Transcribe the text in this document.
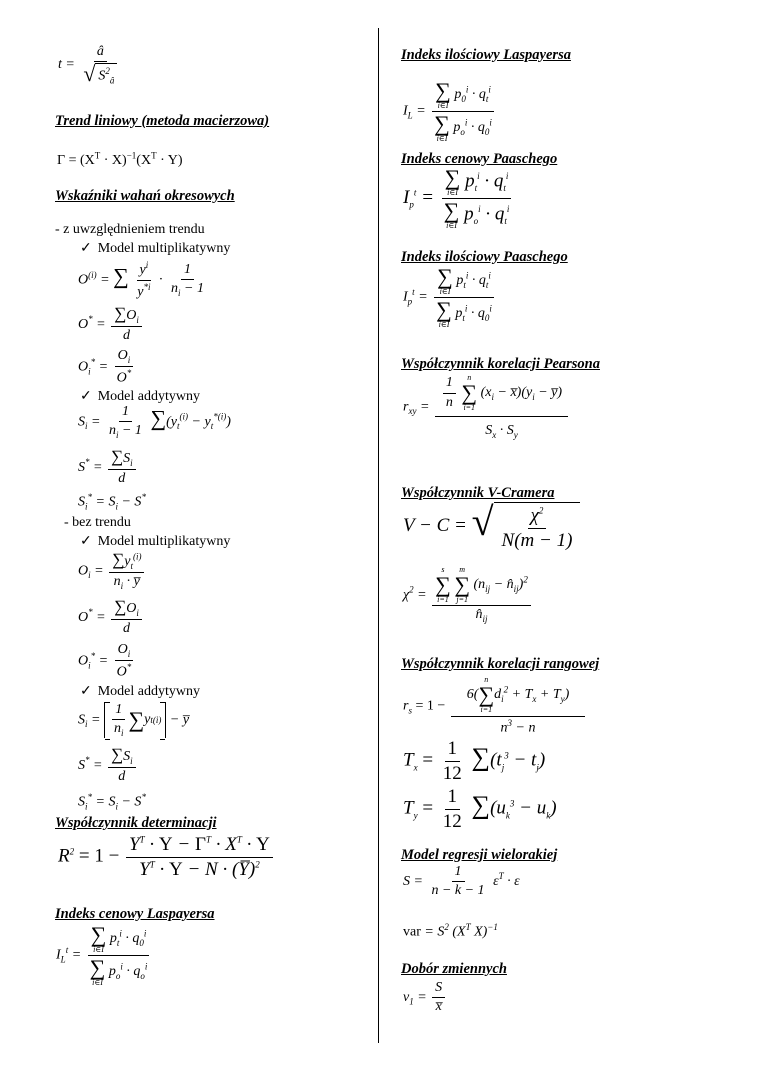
$t = \frac{â}{√ S^2_â}$
Trend liniowy (metoda macierzowa)
$\Gamma = (X^T \cdot X)^{-1}(X^T \cdot Y)$
Wskaźniki wahań okresowych
- z uwzględnieniem trendu
✓ Model multiplikatywny
$O^{(i)}$ = ∑ $\frac{y^i}{y^{*i}} \cdot \frac{1}{n_i - 1}$
$O^* = \frac{\sum O_i}{d}$
$O_i^* = \frac{O_i}{O^*}$
✓ Model addytywny
$S_i = \frac{1}{n_i - 1} \sum(y_t^{(i)} - y_t^{*(i)})$
$S^* = \frac{\sum S_i}{d}$
$S_i^* = S_i - S^*$
- bez trendu
✓ Model multiplikatywny
$O_i = \frac{\sum y_t^{(i)}}{n_i \cdot y̅}$
$O^* = \frac{\sum O_i}{d}$
$O_i^* = \frac{O_i}{O^*}$
✓ Model addytywny
$S_i$ =
1
$n_i$
∑ y t (i) − y̅
$S^* = \frac{\sum S_i}{d}$
$S_i^* = S_i - S^*$
Współczynnik determinacji
$R^2 = 1 - \frac{Y^T \cdot Y - \Gamma^T \cdot X^T \cdot Y}{Y^T \cdot Y - N \cdot (Y̅)^2}$
Indeks cenowy Laspayersa
$I_L^t$ =
∑
i∈I
$p_t^i \cdot q_0^i$
∑
i∈I
$p_o^i \cdot q_o^i$
Indeks ilościowy Laspayersa
$I_L$ =
∑
i∈I
$p_0^i \cdot q_t^i$
∑
i∈I
$p_o^i \cdot q_0^i$
Indeks cenowy Paaschego
$I_p^t$ =
∑
i∈I
$p_t^i \cdot q_t^i$
∑
i∈I
$p_o^i \cdot q_t^i$
Indeks ilościowy Paaschego
$I_p^t$ =
∑
i∈I
$p_t^i \cdot q_t^i$
∑
i∈I
$p_t^i \cdot q_0^i$
Współczynnik korelacji Pearsona
$r_{xy} = \frac{1}{n}$
n
∑
i=1
($x_i$ − $x̅)(y_i$ − y̅)
$S_x \cdot S_y$
Współczynnik V-Cramera
V − C = √ $\frac{\chi^2}{N(m - 1)}$
$\chi^2$ =
s
∑
i=1

m
∑
j=1
($n_{ij}$ − $n̂_{ij})^2$
$n̂_{ij}$
Współczynnik korelacji rangowej
$r_s = 1 - 6$(
n
∑
i=1
$d_i^2 + T_x + T_y$)
$n^3 - n$
$T_x = \frac{1}{12} \sum(t_j^3 - t_j)$
$T_y = \frac{1}{12} \sum(u_k^3 - u_k)$
Model regresji wielorakiej
$S = \frac{1}{n - k - 1} \varepsilon^T \cdot \varepsilon$
var = $S^2$ ($X^T$ X)$^{-1}$
Dobór zmiennych
$\nu_1 = \frac{S}{x̅}$
